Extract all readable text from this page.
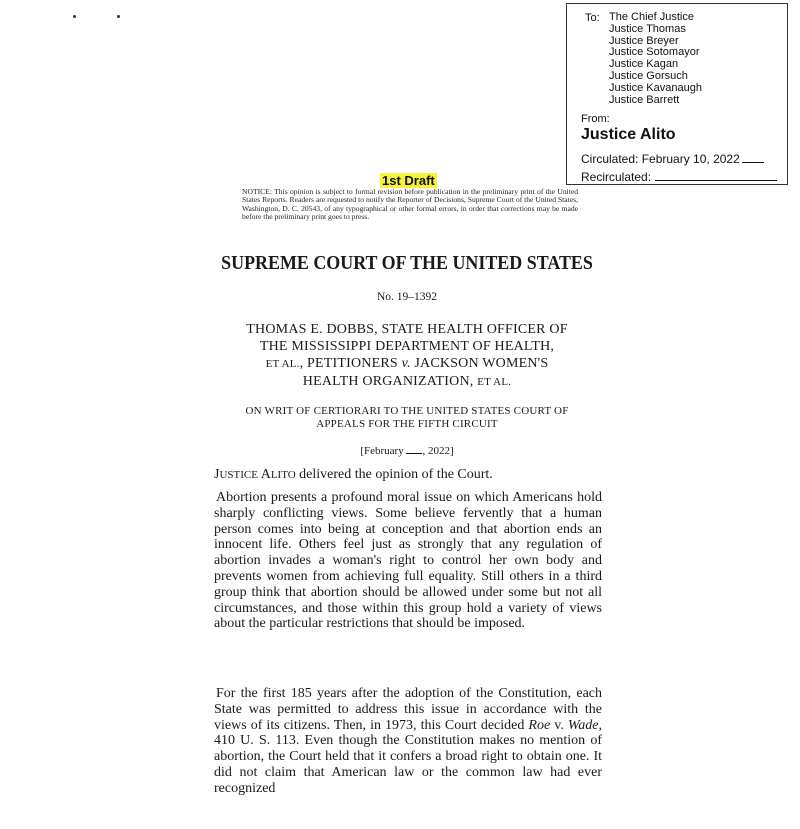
To: The Chief Justice
Justice Thomas
Justice Breyer
Justice Sotomayor
Justice Kagan
Justice Gorsuch
Justice Kavanaugh
Justice Barrett
From:
Justice Alito
Circulated: February 10, 2022
Recirculated:
1st Draft
NOTICE: This opinion is subject to formal revision before publication in the preliminary print of the United States Reports. Readers are requested to notify the Reporter of Decisions, Supreme Court of the United States, Washington, D. C. 20543, of any typographical or other formal errors, in order that corrections may be made before the preliminary print goes to press.
SUPREME COURT OF THE UNITED STATES
No. 19–1392
THOMAS E. DOBBS, STATE HEALTH OFFICER OF
THE MISSISSIPPI DEPARTMENT OF HEALTH,
ET AL., PETITIONERS v. JACKSON WOMEN'S
HEALTH ORGANIZATION, ET AL.
ON WRIT OF CERTIORARI TO THE UNITED STATES COURT OF
APPEALS FOR THE FIFTH CIRCUIT
[February , 2022]
JUSTICE ALITO delivered the opinion of the Court.
Abortion presents a profound moral issue on which Americans hold sharply conflicting views. Some believe fervently that a human person comes into being at conception and that abortion ends an innocent life. Others feel just as strongly that any regulation of abortion invades a woman's right to control her own body and prevents women from achieving full equality. Still others in a third group think that abortion should be allowed under some but not all circumstances, and those within this group hold a variety of views about the particular restrictions that should be imposed.
For the first 185 years after the adoption of the Constitution, each State was permitted to address this issue in accordance with the views of its citizens. Then, in 1973, this Court decided Roe v. Wade, 410 U. S. 113. Even though the Constitution makes no mention of abortion, the Court held that it confers a broad right to obtain one. It did not claim that American law or the common law had ever recognized
